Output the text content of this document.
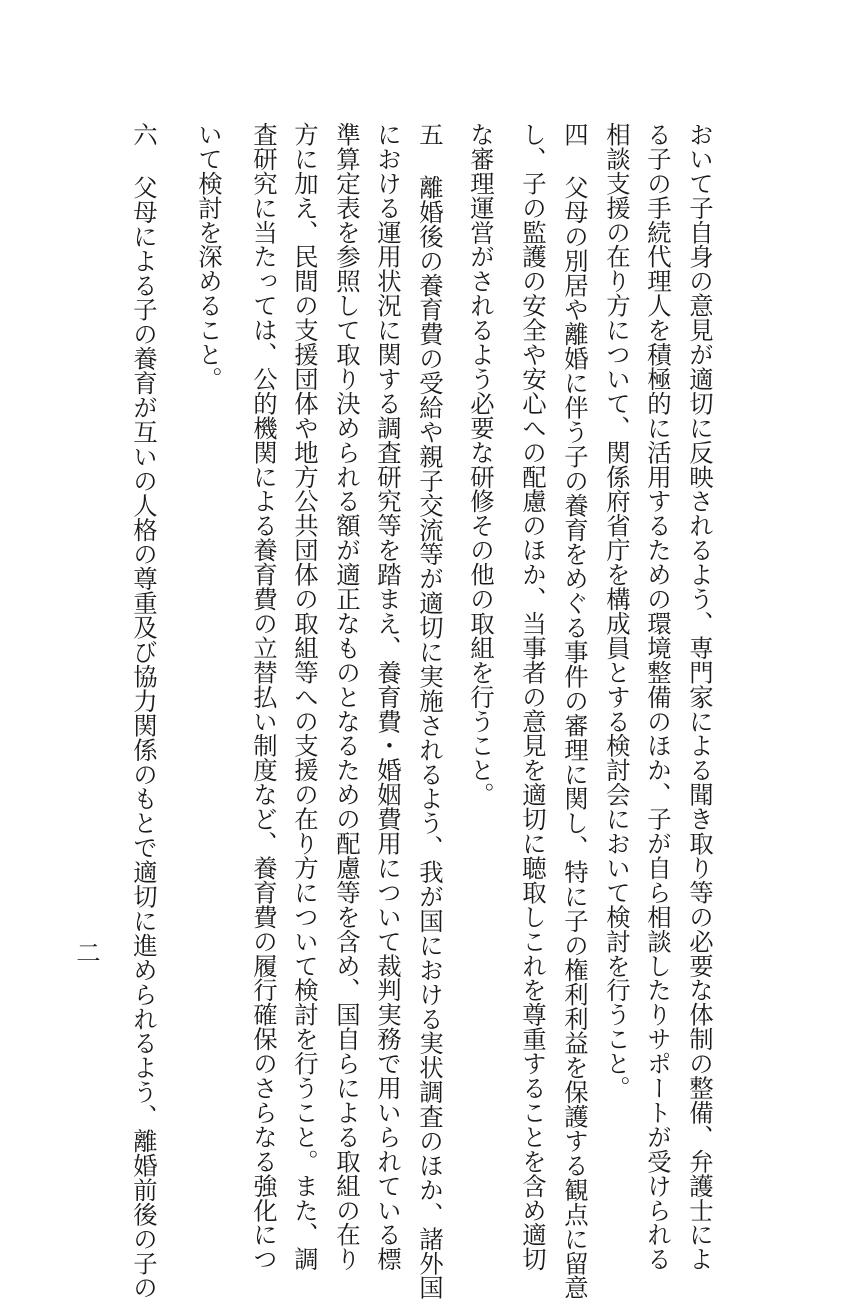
おいて子自身の意見が適切に反映されるよう、専門家による聞き取り等の必要な体制の整備、弁護士によ
る子の手続代理人を積極的に活用するための環境整備のほか、子が自ら相談したりサポートが受けられる
相談支援の在り方について、関係府省庁を構成員とする検討会において検討を行うこと。
四
父母の別居や離婚に伴う子の養育をめぐる事件の審理に関し、特に子の権利利益を保護する観点に留意
し、子の監護の安全や安心への配慮のほか、当事者の意見を適切に聴取しこれを尊重することを含め適切
な審理運営がされるよう必要な研修その他の取組を行うこと。
五
離婚後の養育費の受給や親子交流等が適切に実施されるよう、我が国における実状調査のほか、諸外国
における運用状況に関する調査研究等を踏まえ、養育費・婚姻費用について裁判実務で用いられている標
準算定表を参照して取り決められる額が適正なものとなるための配慮等を含め、国自らによる取組の在り
方に加え、民間の支援団体や地方公共団体の取組等への支援の在り方について検討を行うこと。また、調
査研究に当たっては、公的機関による養育費の立替払い制度など、養育費の履行確保のさらなる強化につ
いて検討を深めること。
六
父母による子の養育が互いの人格の尊重及び協力関係のもとで適切に進められるよう、離婚前後の子の
二
